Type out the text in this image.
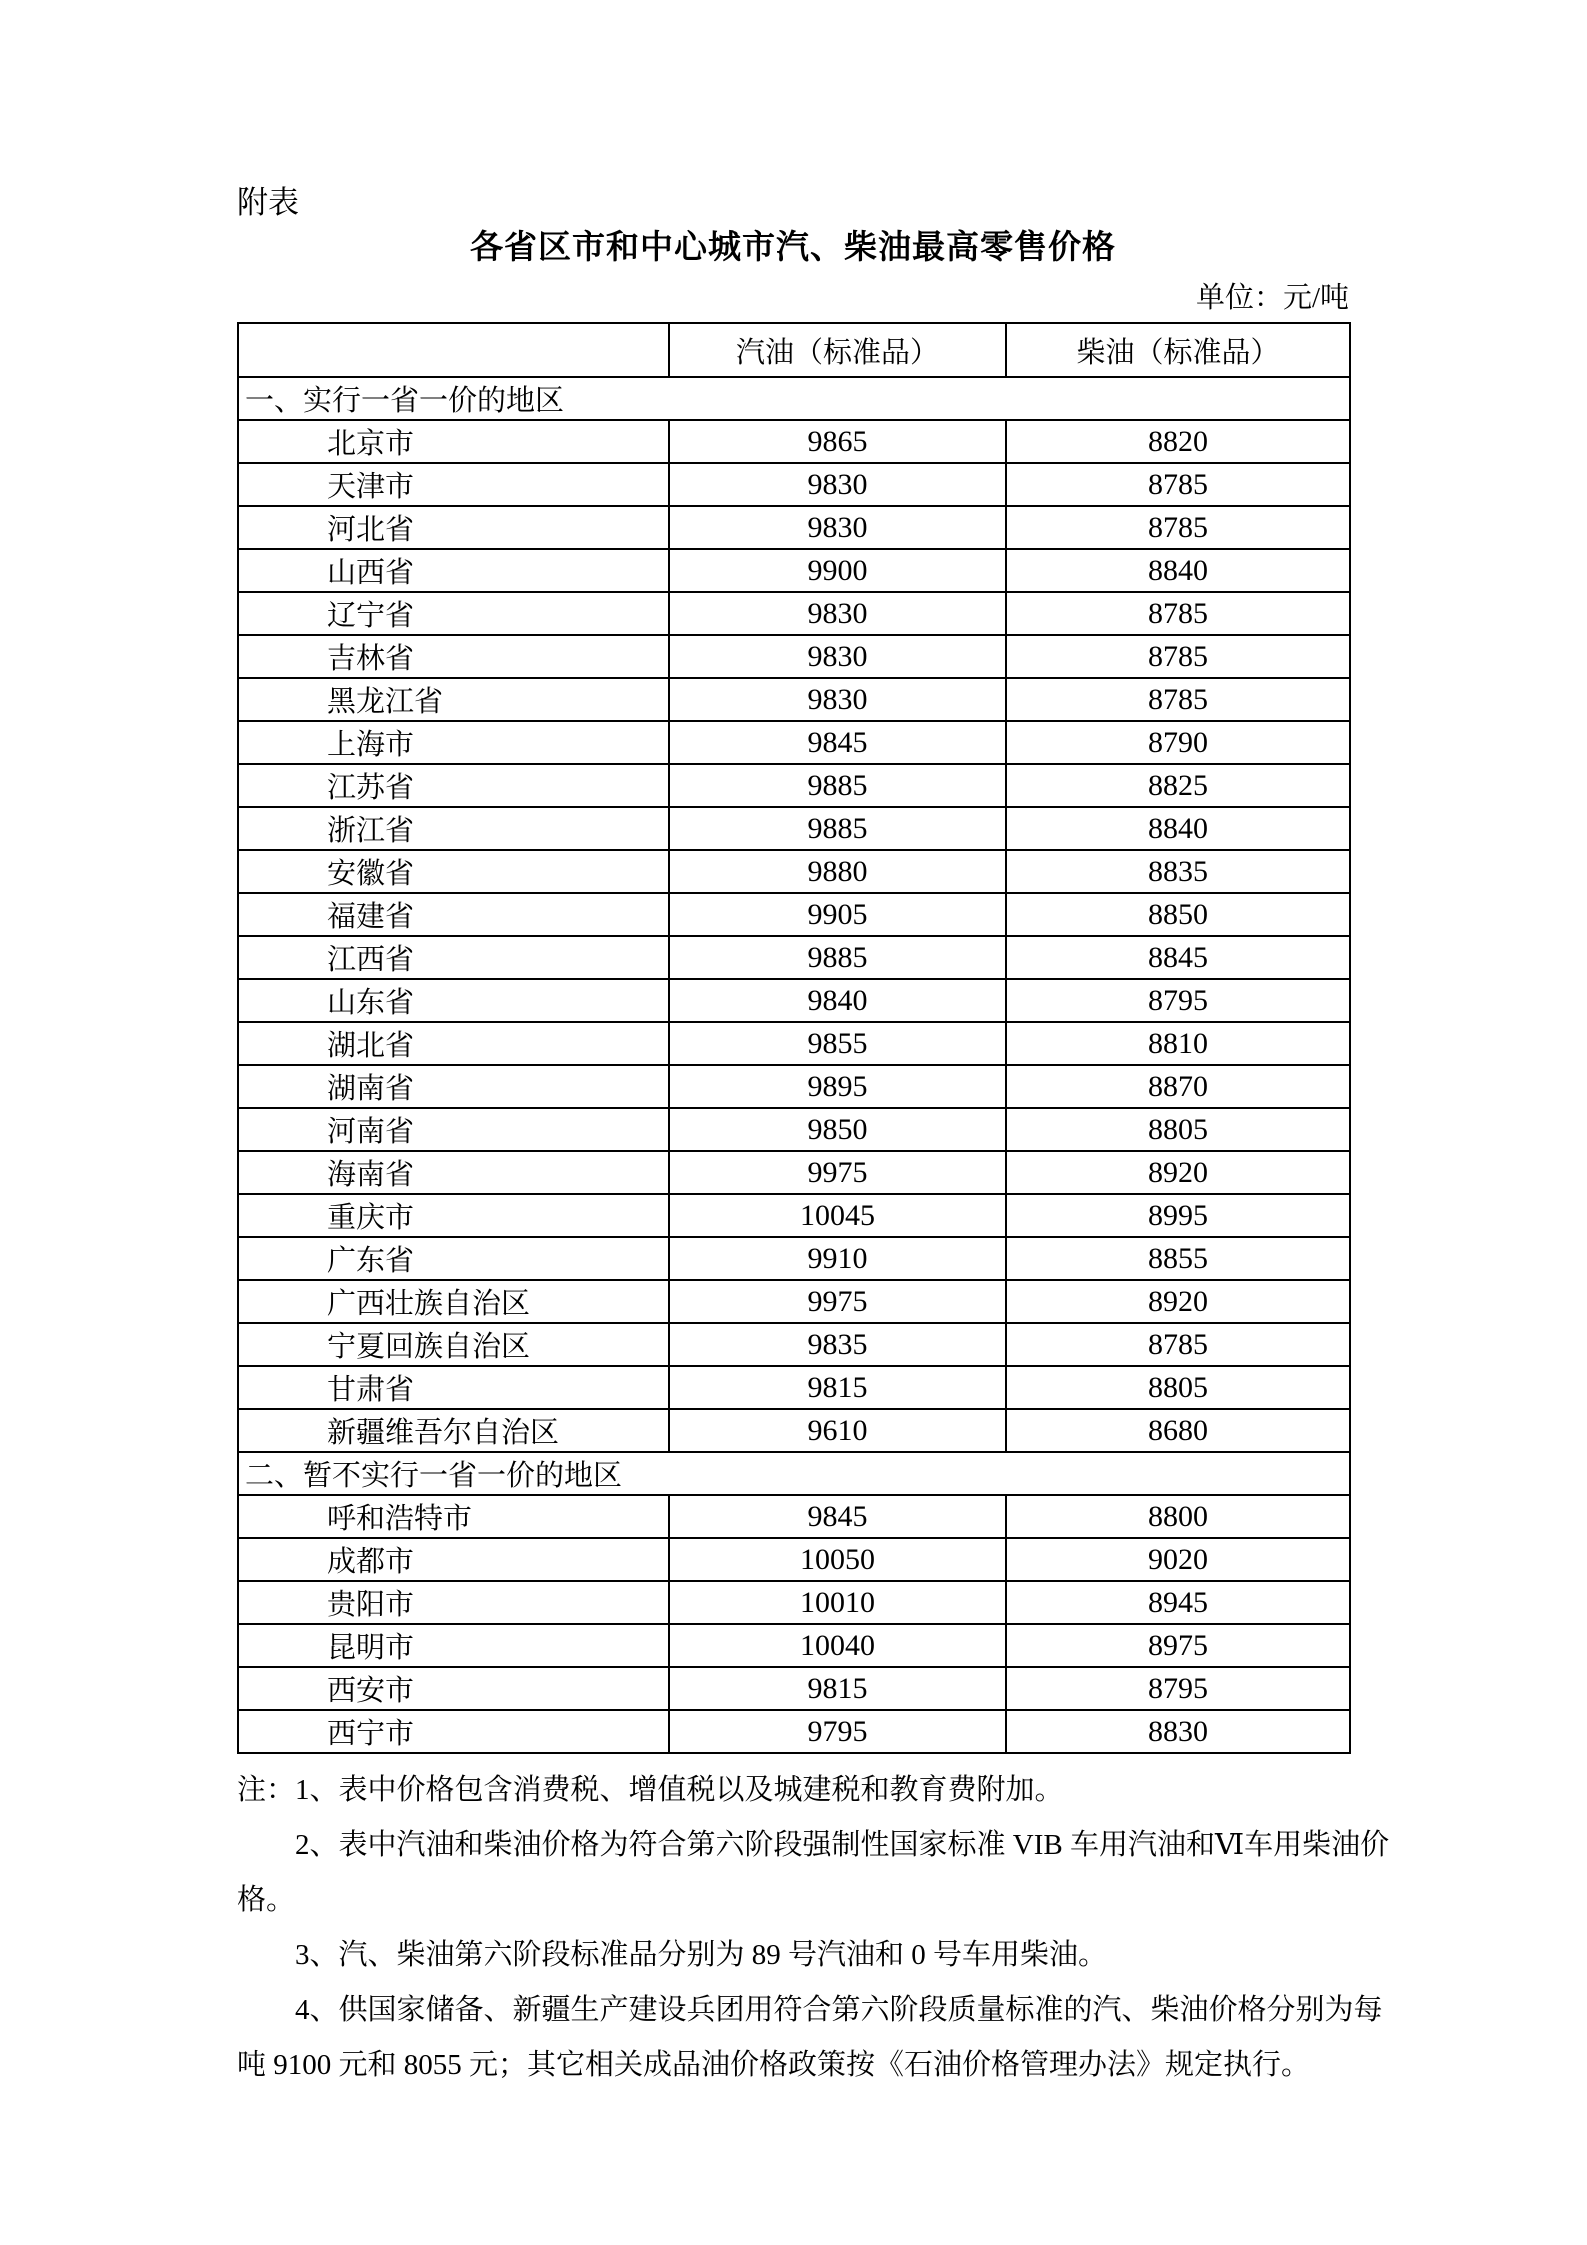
附表
各省区市和中心城市汽、柴油最高零售价格
单位：元/吨
	汽油（标准品）	柴油（标准品）
一、实行一省一价的地区		
北京市	9865	8820
天津市	9830	8785
河北省	9830	8785
山西省	9900	8840
辽宁省	9830	8785
吉林省	9830	8785
黑龙江省	9830	8785
上海市	9845	8790
江苏省	9885	8825
浙江省	9885	8840
安徽省	9880	8835
福建省	9905	8850
江西省	9885	8845
山东省	9840	8795
湖北省	9855	8810
湖南省	9895	8870
河南省	9850	8805
海南省	9975	8920
重庆市	10045	8995
广东省	9910	8855
广西壮族自治区	9975	8920
宁夏回族自治区	9835	8785
甘肃省	9815	8805
新疆维吾尔自治区	9610	8680
二、暂不实行一省一价的地区		
呼和浩特市	9845	8800
成都市	10050	9020
贵阳市	10010	8945
昆明市	10040	8975
西安市	9815	8795
西宁市	9795	8830
注：1、表中价格包含消费税、增值税以及城建税和教育费附加。
2、表中汽油和柴油价格为符合第六阶段强制性国家标准 VIB 车用汽油和Ⅵ车用柴油价
格。
3、汽、柴油第六阶段标准品分别为 89 号汽油和 0 号车用柴油。
4、供国家储备、新疆生产建设兵团用符合第六阶段质量标准的汽、柴油价格分别为每
吨 9100 元和 8055 元；其它相关成品油价格政策按《石油价格管理办法》规定执行。
